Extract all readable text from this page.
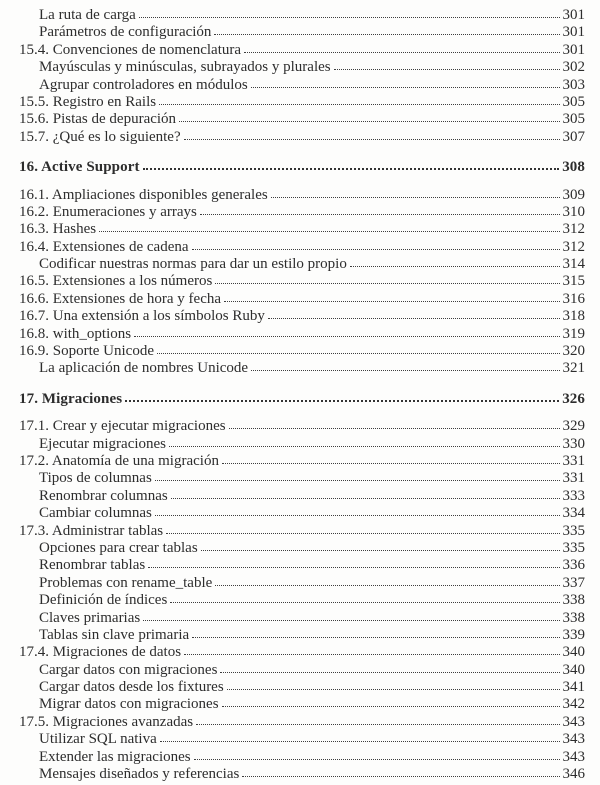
La ruta de carga	301
Parámetros de configuración	301
15.4. Convenciones de nomenclatura	301
Mayúsculas y minúsculas, subrayados y plurales	302
Agrupar controladores en módulos	303
15.5. Registro en Rails	305
15.6. Pistas de depuración	305
15.7. ¿Qué es lo siguiente?	307
16. Active Support	308
16.1. Ampliaciones disponibles generales	309
16.2. Enumeraciones y arrays	310
16.3. Hashes	312
16.4. Extensiones de cadena	312
Codificar nuestras normas para dar un estilo propio	314
16.5. Extensiones a los números	315
16.6. Extensiones de hora y fecha	316
16.7. Una extensión a los símbolos Ruby	318
16.8. with_options	319
16.9. Soporte Unicode	320
La aplicación de nombres Unicode	321
17. Migraciones	326
17.1. Crear y ejecutar migraciones	329
Ejecutar migraciones	330
17.2. Anatomía de una migración	331
Tipos de columnas	331
Renombrar columnas	333
Cambiar columnas	334
17.3. Administrar tablas	335
Opciones para crear tablas	335
Renombrar tablas	336
Problemas con rename_table	337
Definición de índices	338
Claves primarias	338
Tablas sin clave primaria	339
17.4. Migraciones de datos	340
Cargar datos con migraciones	340
Cargar datos desde los fixtures	341
Migrar datos con migraciones	342
17.5. Migraciones avanzadas	343
Utilizar SQL nativa	343
Extender las migraciones	343
Mensajes diseñados y referencias	346
